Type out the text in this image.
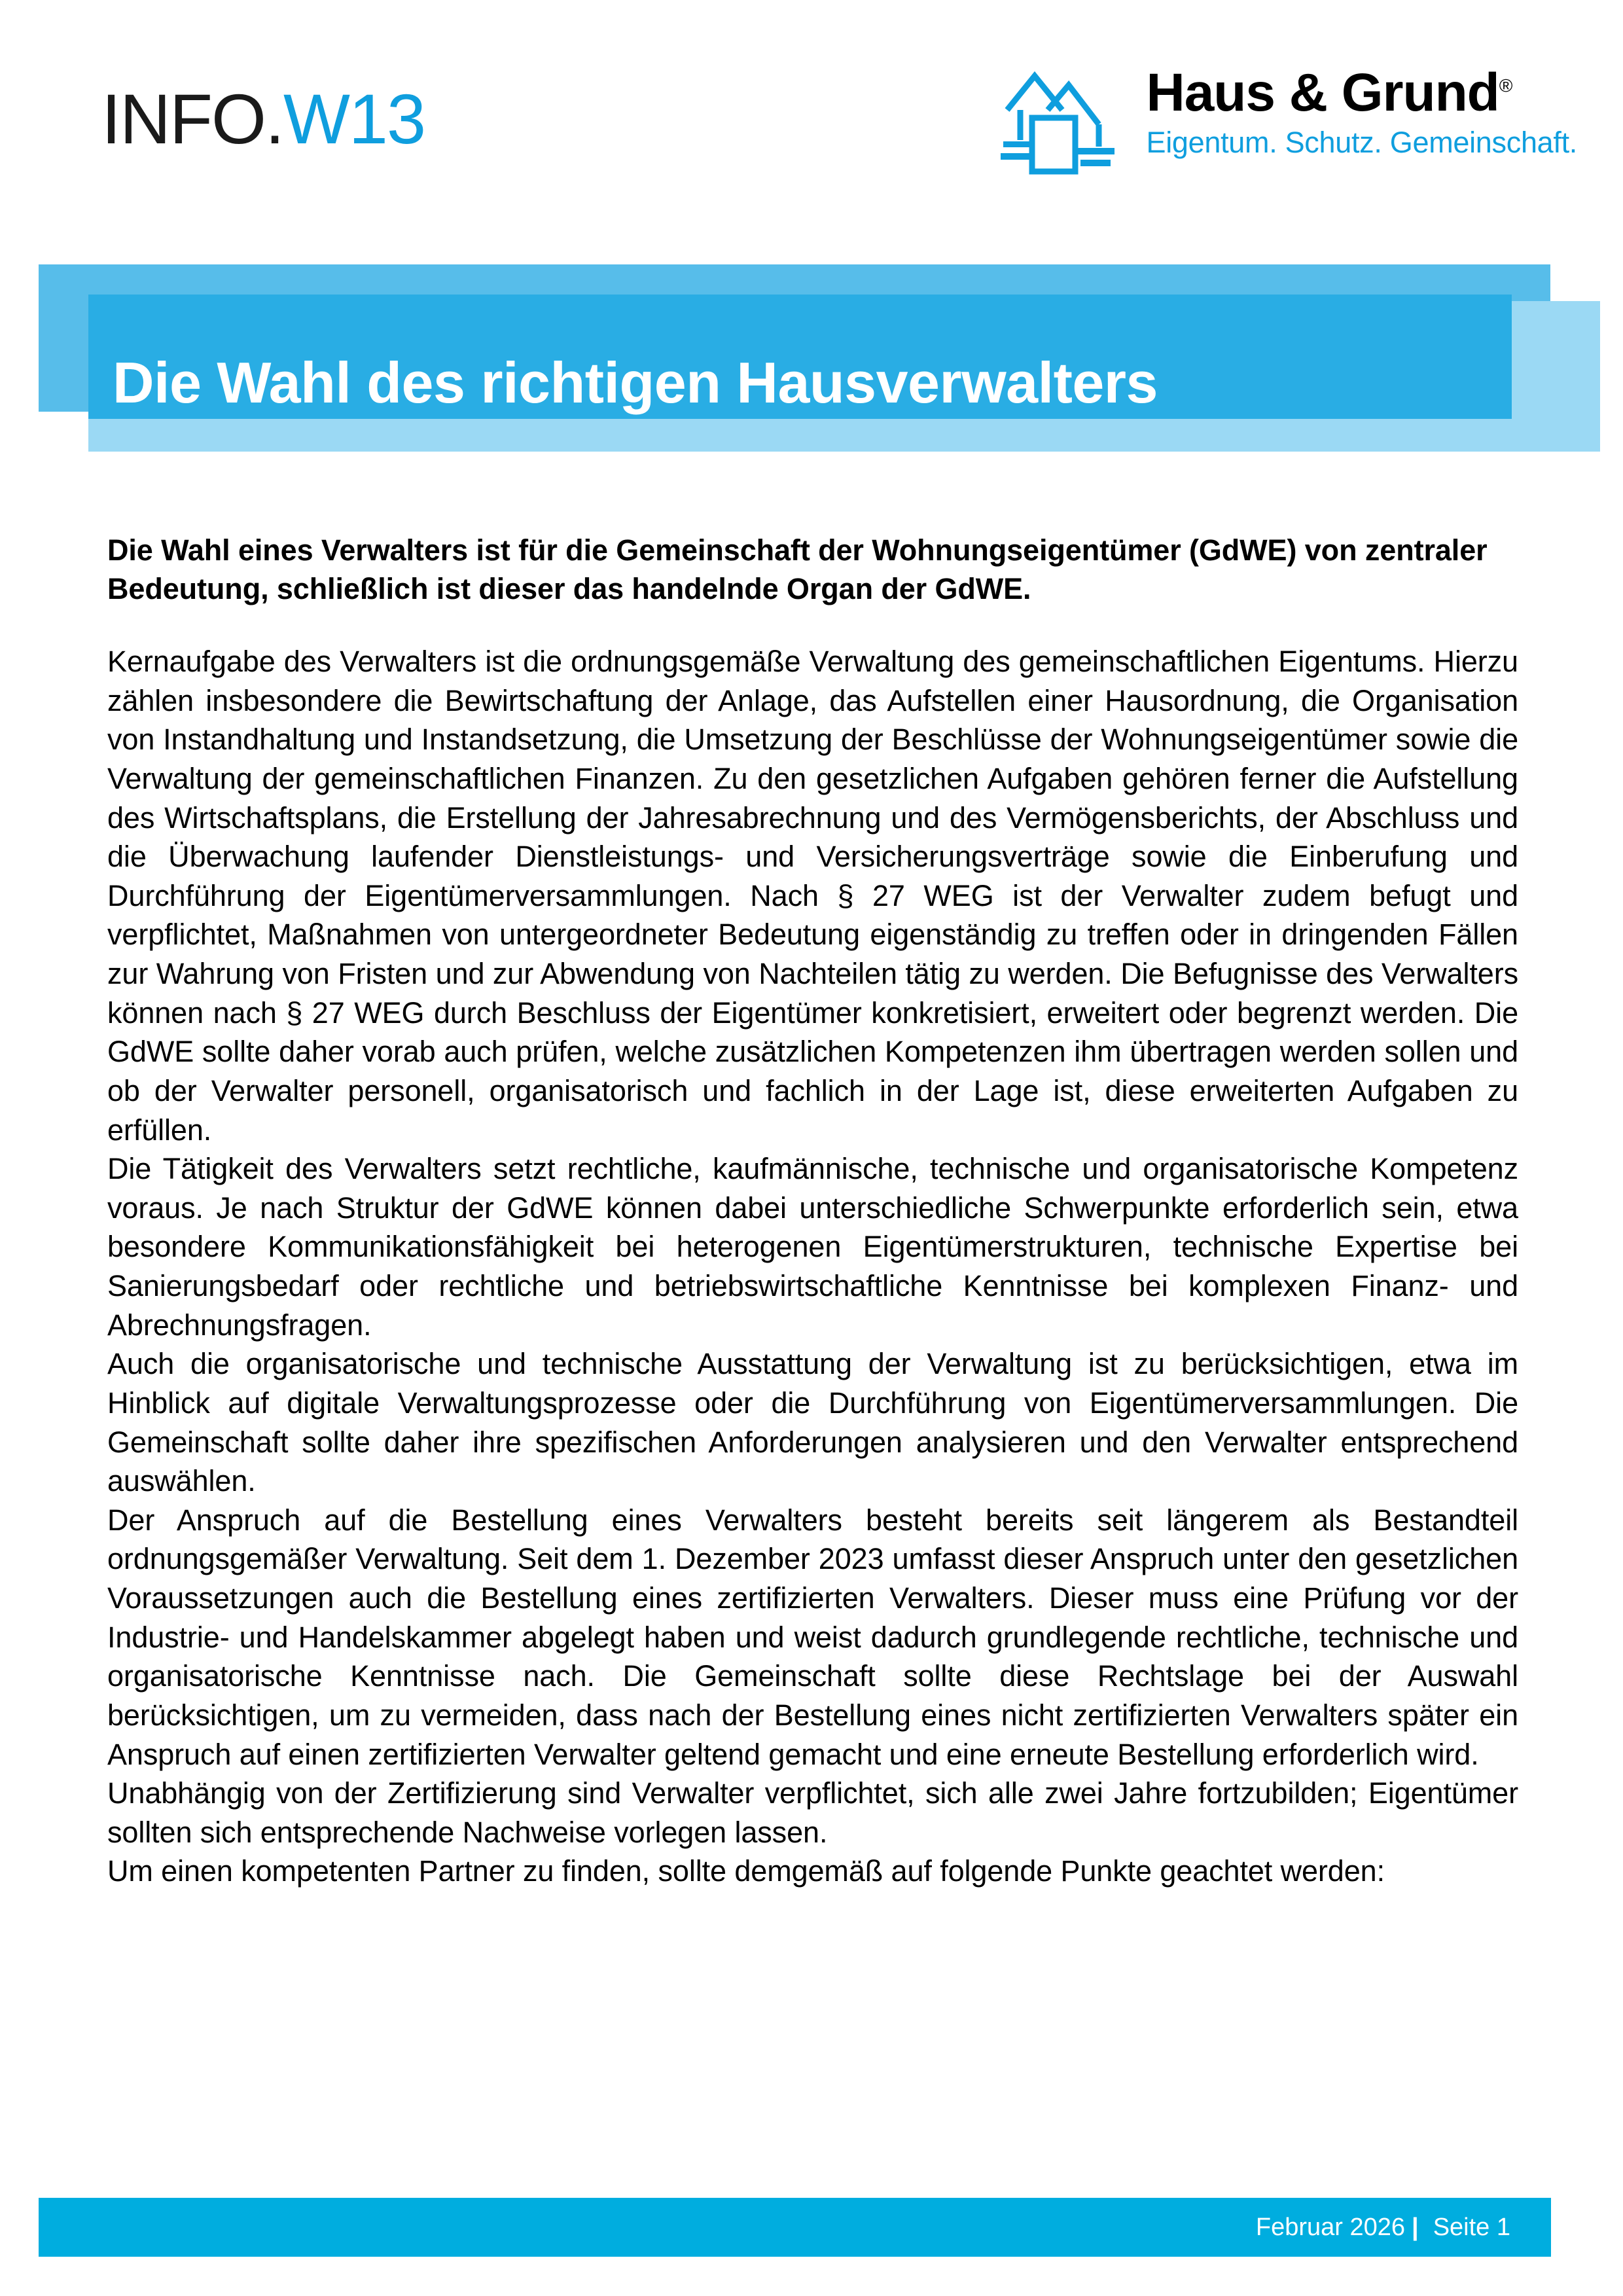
INFO.W13	Haus & Grund®
Eigentum. Schutz. Gemeinschaft.
Die Wahl des richtigen Hausverwalters

Die Wahl eines Verwalters ist für die Gemeinschaft der Wohnungseigentümer (GdWE) von zentraler Bedeutung, schließlich ist dieser das handelnde Organ der GdWE.

Kernaufgabe des Verwalters ist die ordnungsgemäße Verwaltung des gemeinschaftlichen Eigentums. Hierzu zählen insbesondere die Bewirtschaftung der Anlage, das Aufstellen einer Hausordnung, die Organisation von Instandhaltung und Instandsetzung, die Umsetzung der Beschlüsse der Wohnungseigentümer sowie die Verwaltung der gemeinschaftlichen Finanzen. Zu den gesetzlichen Aufgaben gehören ferner die Aufstellung des Wirtschaftsplans, die Erstellung der Jahresabrechnung und des Vermögensberichts, der Abschluss und die Überwachung laufender Dienstleistungs- und Versicherungsverträge sowie die Einberufung und Durchführung der Eigentümerversammlungen. Nach § 27 WEG ist der Verwalter zudem befugt und verpflichtet, Maßnahmen von untergeordneter Bedeutung eigenständig zu treffen oder in dringenden Fällen zur Wahrung von Fristen und zur Abwendung von Nachteilen tätig zu werden. Die Befugnisse des Verwalters können nach § 27 WEG durch Beschluss der Eigentümer konkretisiert, erweitert oder begrenzt werden. Die GdWE sollte daher vorab auch prüfen, welche zusätzlichen Kompetenzen ihm übertragen werden sollen und ob der Verwalter personell, organisatorisch und fachlich in der Lage ist, diese erweiterten Aufgaben zu erfüllen.

Die Tätigkeit des Verwalters setzt rechtliche, kaufmännische, technische und organisatorische Kompetenz voraus. Je nach Struktur der GdWE können dabei unterschiedliche Schwerpunkte erforderlich sein, etwa besondere Kommunikationsfähigkeit bei heterogenen Eigentümerstrukturen, technische Expertise bei Sanierungsbedarf oder rechtliche und betriebswirtschaftliche Kenntnisse bei komplexen Finanz- und Abrechnungsfragen.

Auch die organisatorische und technische Ausstattung der Verwaltung ist zu berücksichtigen, etwa im Hinblick auf digitale Verwaltungsprozesse oder die Durchführung von Eigentümerversammlungen. Die Gemeinschaft sollte daher ihre spezifischen Anforderungen analysieren und den Verwalter entsprechend auswählen.

Der Anspruch auf die Bestellung eines Verwalters besteht bereits seit längerem als Bestandteil ordnungsgemäßer Verwaltung. Seit dem 1. Dezember 2023 umfasst dieser Anspruch unter den gesetzlichen Voraussetzungen auch die Bestellung eines zertifizierten Verwalters. Dieser muss eine Prüfung vor der Industrie- und Handelskammer abgelegt haben und weist dadurch grundlegende rechtliche, technische und organisatorische Kenntnisse nach. Die Gemeinschaft sollte diese Rechtslage bei der Auswahl berücksichtigen, um zu vermeiden, dass nach der Bestellung eines nicht zertifizierten Verwalters später ein Anspruch auf einen zertifizierten Verwalter geltend gemacht und eine erneute Bestellung erforderlich wird.

Unabhängig von der Zertifizierung sind Verwalter verpflichtet, sich alle zwei Jahre fortzubilden; Eigentümer sollten sich entsprechende Nachweise vorlegen lassen.

Um einen kompetenten Partner zu finden, sollte demgemäß auf folgende Punkte geachtet werden:

Februar 2026 | Seite 1
